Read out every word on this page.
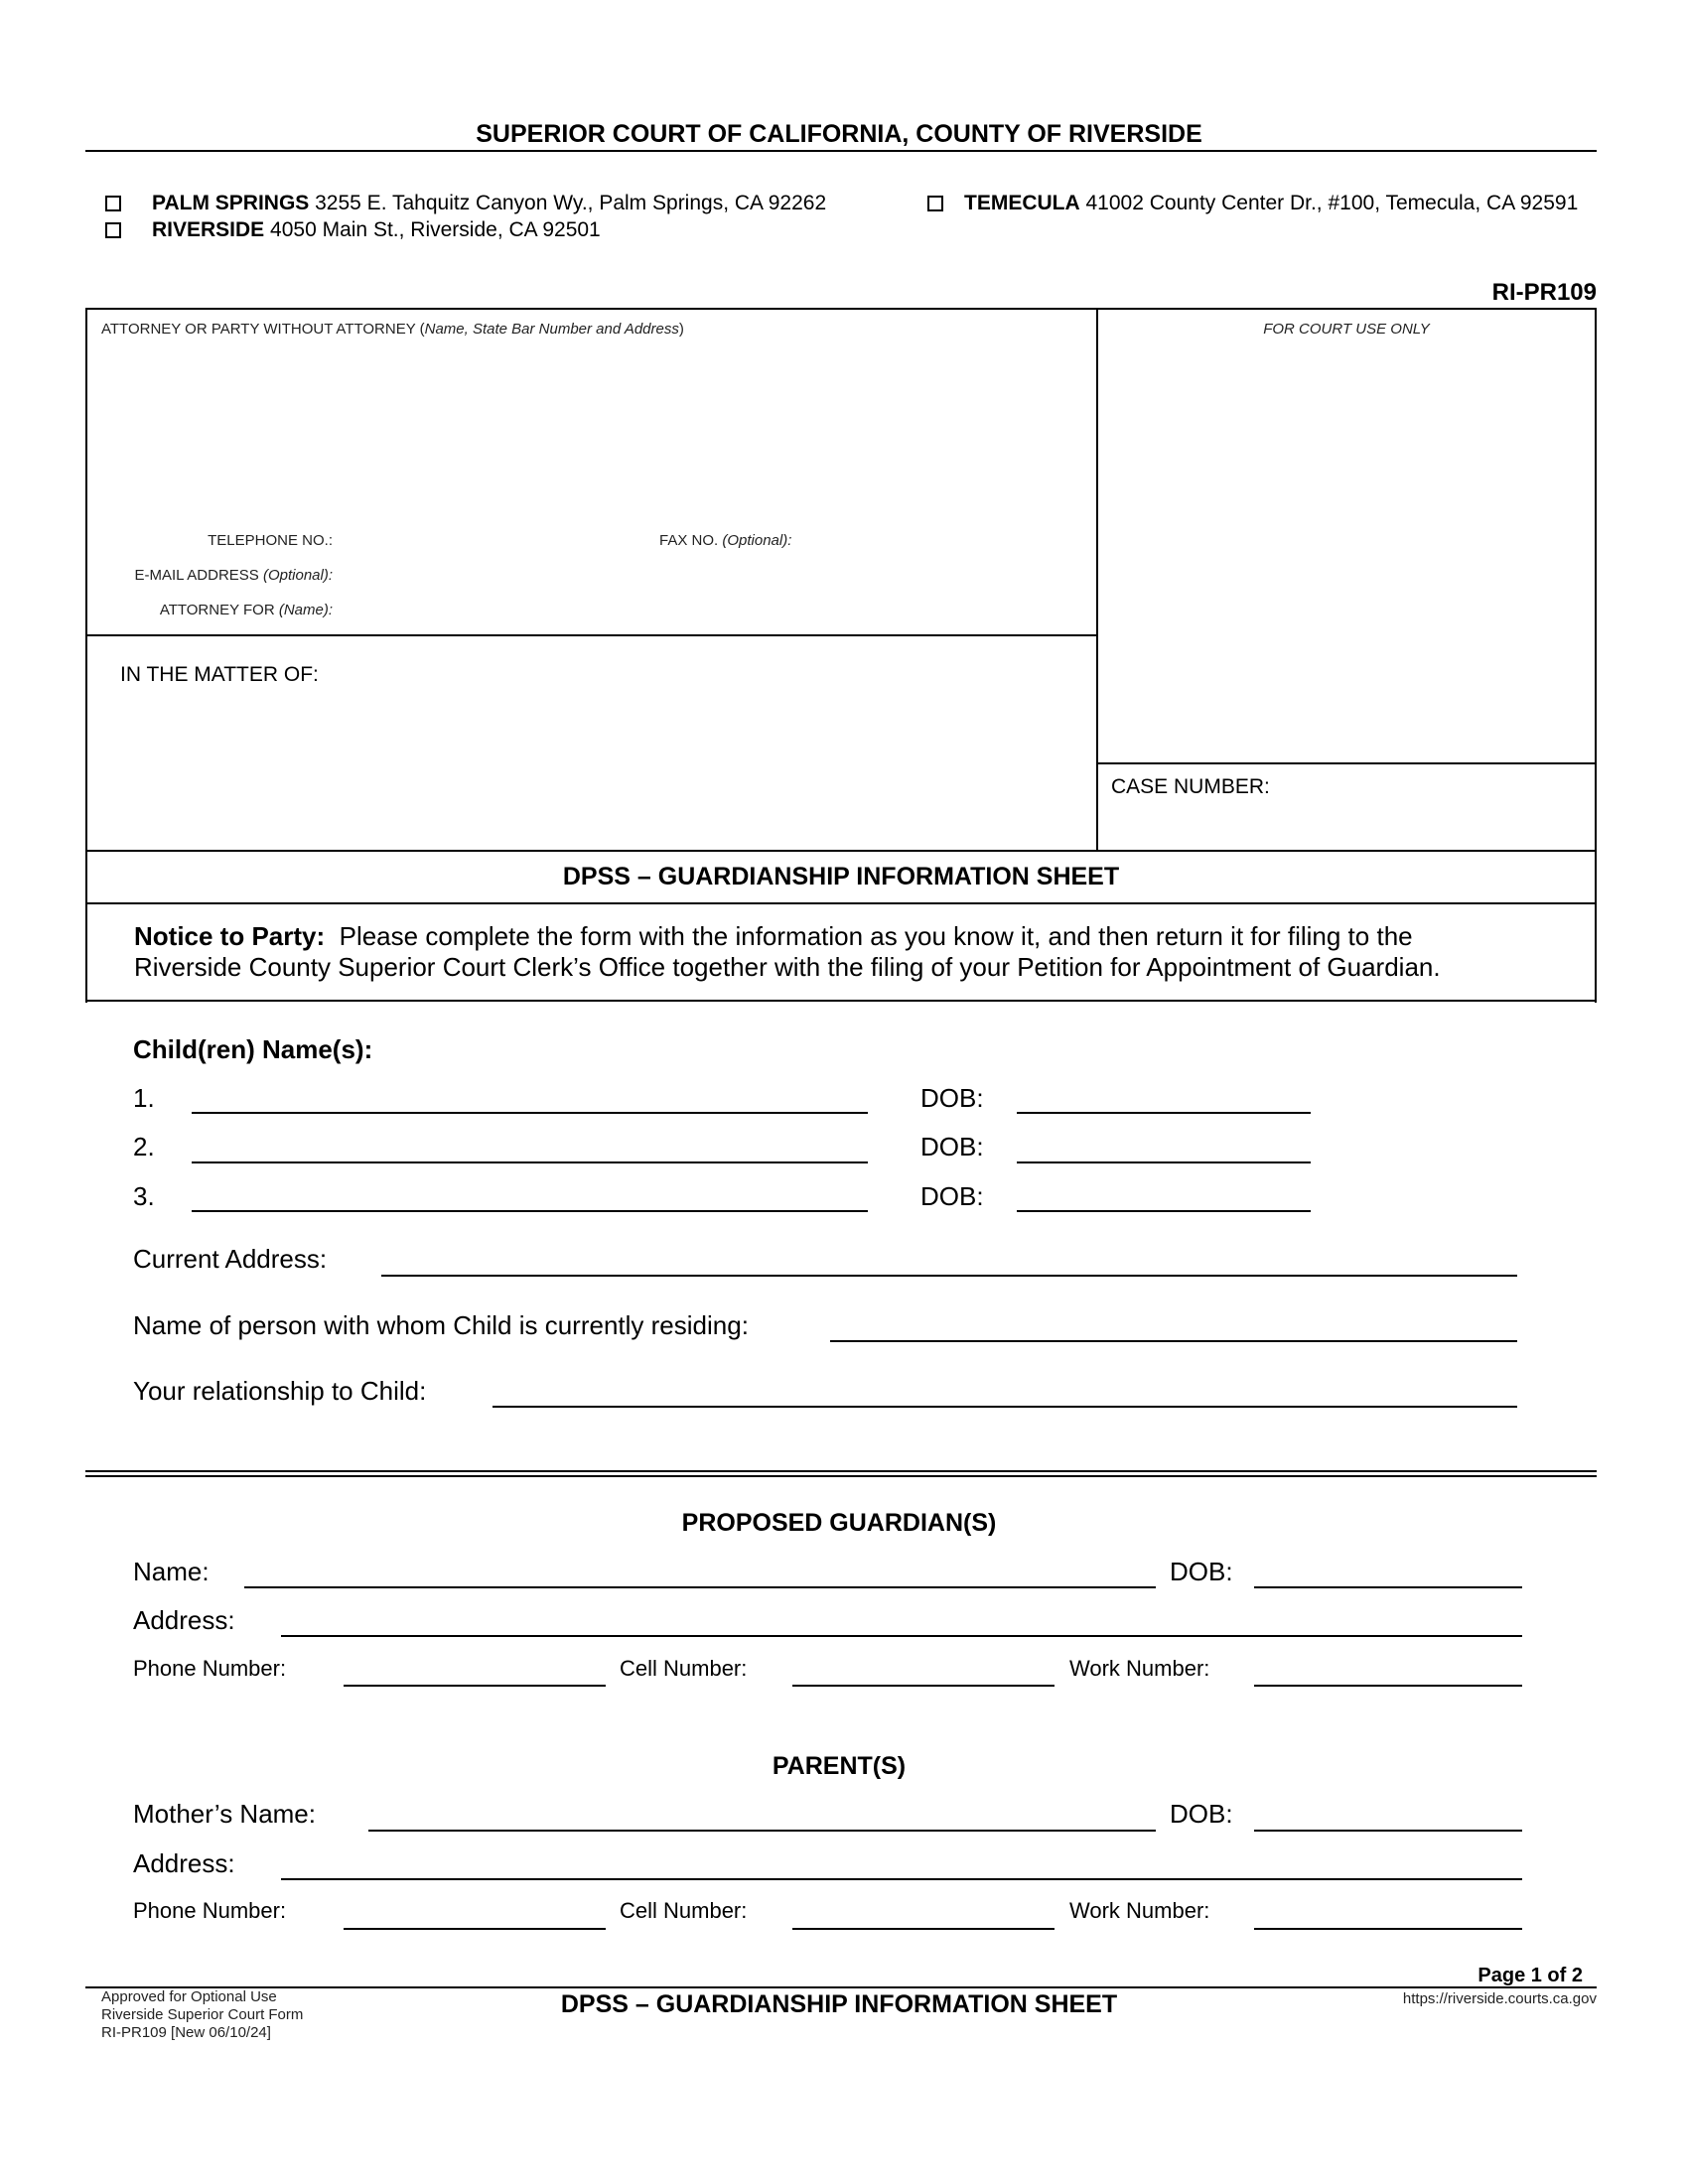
SUPERIOR COURT OF CALIFORNIA, COUNTY OF RIVERSIDE
PALM SPRINGS 3255 E. Tahquitz Canyon Wy., Palm Springs, CA 92262
RIVERSIDE 4050 Main St., Riverside, CA 92501
TEMECULA 41002 County Center Dr., #100, Temecula, CA 92591
RI-PR109
ATTORNEY OR PARTY WITHOUT ATTORNEY (Name, State Bar Number and Address)	FOR COURT USE ONLY
TELEPHONE NO.:	FAX NO. (Optional):
E-MAIL ADDRESS (Optional):
ATTORNEY FOR (Name):
IN THE MATTER OF:
CASE NUMBER:
DPSS – GUARDIANSHIP INFORMATION SHEET
Notice to Party:  Please complete the form with the information as you know it, and then return it for filing to the
Riverside County Superior Court Clerk’s Office together with the filing of your Petition for Appointment of Guardian.
Child(ren) Name(s):
1.	DOB:
2.	DOB:
3.	DOB:
Current Address:
Name of person with whom Child is currently residing:
Your relationship to Child:
PROPOSED GUARDIAN(S)
Name:	DOB:
Address:
Phone Number:	Cell Number:	Work Number:
PARENT(S)
Mother’s Name:	DOB:
Address:
Phone Number:	Cell Number:	Work Number:
Page 1 of 2
Approved for Optional Use
Riverside Superior Court Form
RI-PR109 [New 06/10/24]
DPSS – GUARDIANSHIP INFORMATION SHEET	https://riverside.courts.ca.gov
